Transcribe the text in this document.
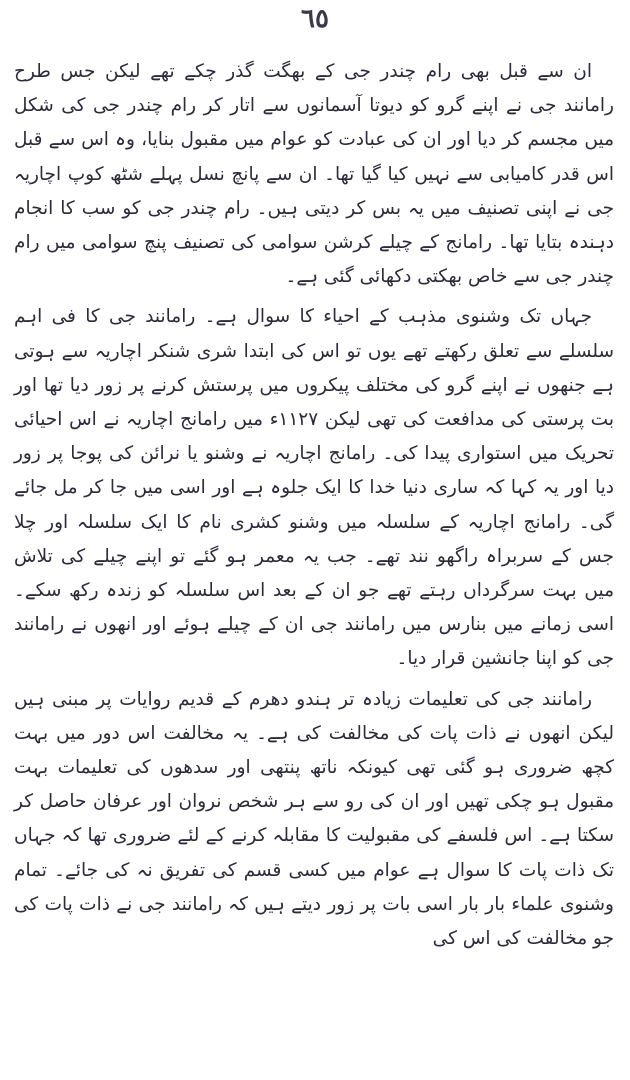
٦٥

ان سے قبل بھی رام چندر جی کے بھگت گذر چکے تھے لیکن جس طرح رامانند جی نے اپنے گرو کو دیوتا آسمانوں سے اتار کر رام چندر جی کی شکل میں مجسم کر دیا اور ان کی عبادت کو عوام میں مقبول بنایا، وہ اس سے قبل اس قدر کامیابی سے نہیں کیا گیا تھا۔ ان سے پانچ نسل پہلے شٹھ کوپ اچاریہ جی نے اپنی تصنیف میں یہ بس کر دیتی ہیں۔ رام چندر جی کو سب کا انجام دہندہ بتایا تھا۔ رامانج کے چیلے کرشن سوامی کی تصنیف پنچ سوامی میں رام چندر جی سے خاص بھکتی دکھائی گئی ہے۔

جہاں تک وشنوی مذہب کے احیاء کا سوال ہے۔ رامانند جی کا فی اہم سلسلے سے تعلق رکھتے تھے یوں تو اس کی ابتدا شری شنکر اچاریہ سے ہوتی ہے جنھوں نے اپنے گرو کی مختلف پیکروں میں پرستش کرنے پر زور دیا تھا اور بت پرستی کی مدافعت کی تھی لیکن ۱۱۲۷ء میں رامانج اچاریہ نے اس احیائی تحریک میں استواری پیدا کی۔ رامانج اچاریہ نے وشنو یا نرائن کی پوجا پر زور دیا اور یہ کہا کہ ساری دنیا خدا کا ایک جلوہ ہے اور اسی میں جا کر مل جائے گی۔ رامانج اچاریہ کے سلسلہ میں وشنو کشری نام کا ایک سلسلہ اور چلا جس کے سربراہ راگھو نند تھے۔ جب یہ معمر ہو گئے تو اپنے چیلے کی تلاش میں بہت سرگرداں رہتے تھے جو ان کے بعد اس سلسلہ کو زندہ رکھ سکے۔ اسی زمانے میں بنارس میں رامانند جی ان کے چیلے ہوئے اور انھوں نے رامانند جی کو اپنا جانشین قرار دیا۔

رامانند جی کی تعلیمات زیادہ تر ہندو دھرم کے قدیم روایات پر مبنی ہیں لیکن انھوں نے ذات پات کی مخالفت کی ہے۔ یہ مخالفت اس دور میں بہت کچھ ضروری ہو گئی تھی کیونکہ ناتھ پنتھی اور سدھوں کی تعلیمات بہت مقبول ہو چکی تھیں اور ان کی رو سے ہر شخص نروان اور عرفان حاصل کر سکتا ہے۔ اس فلسفے کی مقبولیت کا مقابلہ کرنے کے لئے ضروری تھا کہ جہاں تک ذات پات کا سوال ہے عوام میں کسی قسم کی تفریق نہ کی جائے۔ تمام وشنوی علماء بار بار اسی بات پر زور دیتے ہیں کہ رامانند جی نے ذات پات کی جو مخالفت کی اس کی
